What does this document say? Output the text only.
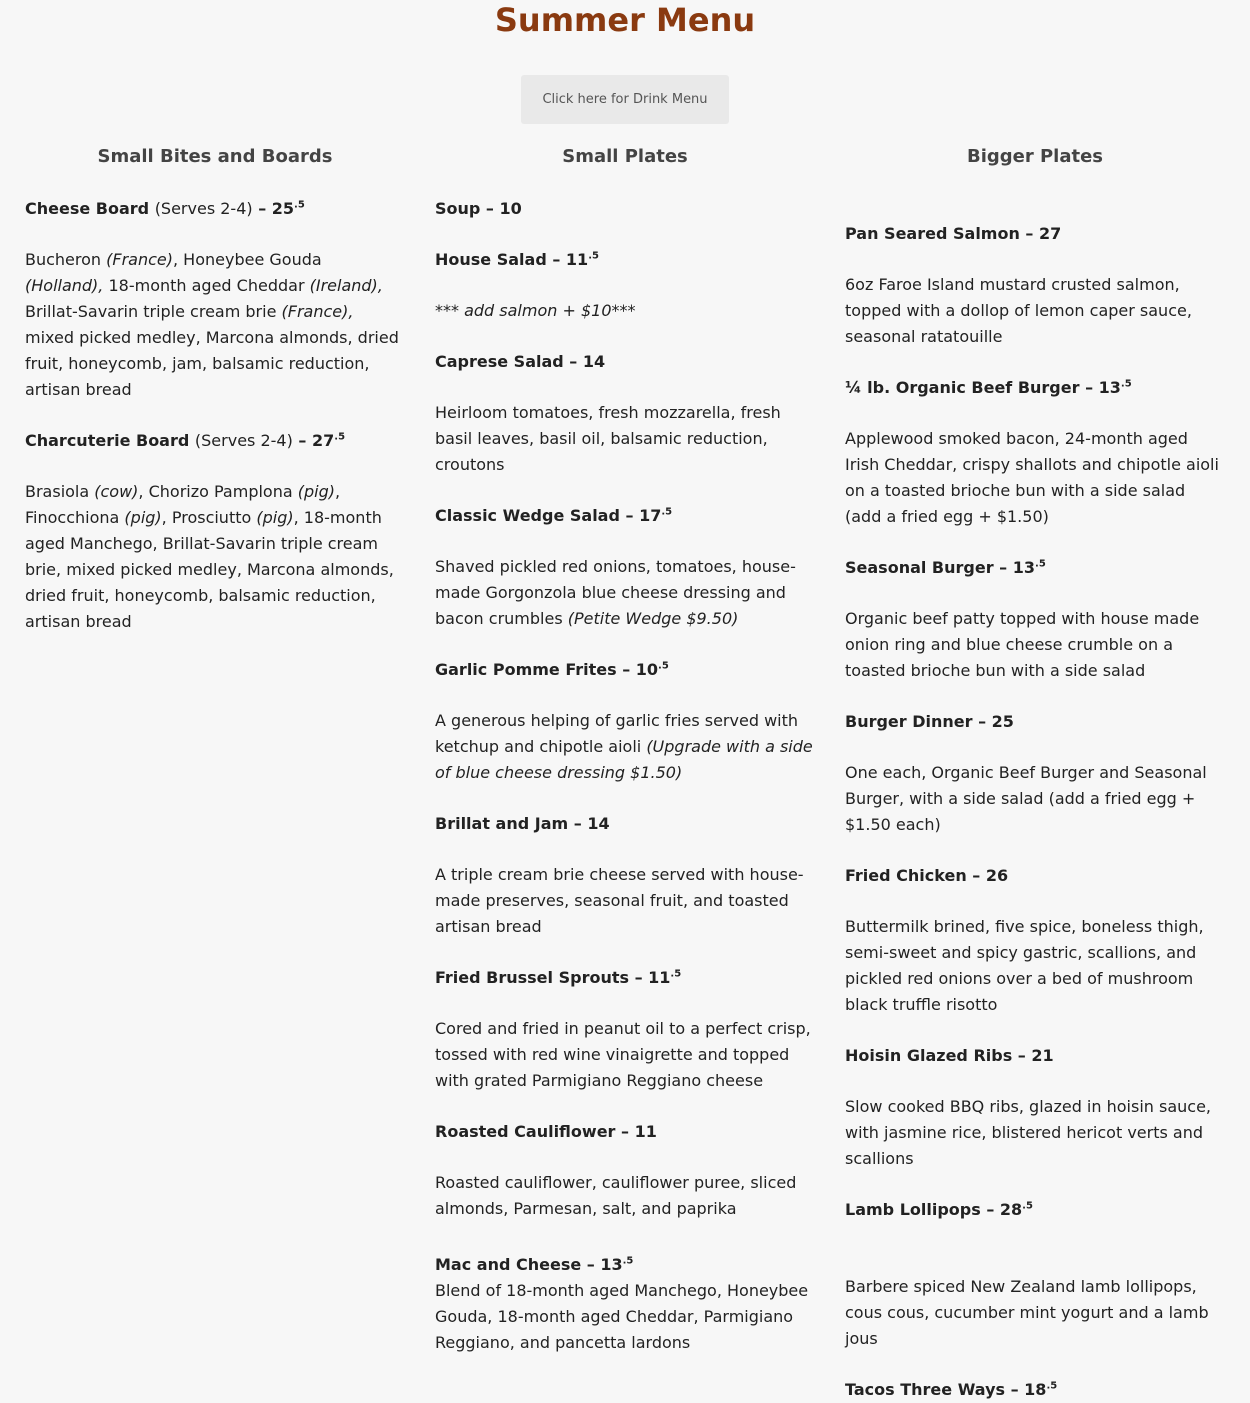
Summer Menu
Click here for Drink Menu
Small Bites and Boards

Cheese Board (Serves $2-4) - 25^{.5}$

Bucheron (France), Honeybee Gouda (Holland), 18-month aged Cheddar (Ireland), Brillat-Savarin triple cream brie (France), mixed picked medley, Marcona almonds, dried fruit, honeycomb, jam, balsamic reduction, artisan bread

Charcuterie Board (Serves $2-4) - 27^{.5}$

Brasiola (cow), Chorizo Pamplona (pig), Finocchiona (pig), Prosciutto (pig), 18-month aged Manchego, Brillat-Savarin triple cream brie, mixed picked medley, Marcona almonds, dried fruit, honeycomb, balsamic reduction, artisan bread

Small Plates

Soup – 10

House Salad – $11^{.5}$

*** add salmon + $10***

Caprese Salad – 14

Heirloom tomatoes, fresh mozzarella, fresh basil leaves, basil oil, balsamic reduction, croutons

Classic Wedge Salad – $17^{.5}$

Shaved pickled red onions, tomatoes, house-made Gorgonzola blue cheese dressing and bacon crumbles (Petite Wedge $9.50)

Garlic Pomme Frites – $10^{.5}$

A generous helping of garlic fries served with ketchup and chipotle aioli (Upgrade with a side of blue cheese dressing $1.50)

Brillat and Jam – 14

A triple cream brie cheese served with house-made preserves, seasonal fruit, and toasted artisan bread

Fried Brussel Sprouts – $11^{.5}$

Cored and fried in peanut oil to a perfect crisp, tossed with red wine vinaigrette and topped with grated Parmigiano Reggiano cheese

Roasted Cauliflower – 11

Roasted cauliflower, cauliflower puree, sliced almonds, Parmesan, salt, and paprika

Mac and Cheese – $13^{.5}$

Blend of 18-month aged Manchego, Honeybee Gouda, 18-month aged Cheddar, Parmigiano Reggiano, and pancetta lardons

Bigger Plates

Pan Seared Salmon – 27

6oz Faroe Island mustard crusted salmon, topped with a dollop of lemon caper sauce, seasonal ratatouille

¼ lb. Organic Beef Burger – $13^{.5}$

Applewood smoked bacon, 24-month aged Irish Cheddar, crispy shallots and chipotle aioli on a toasted brioche bun with a side salad (add a fried egg + $1.50)

Seasonal Burger – $13^{.5}$

Organic beef patty topped with house made onion ring and blue cheese crumble on a toasted brioche bun with a side salad

Burger Dinner – 25

One each, Organic Beef Burger and Seasonal Burger, with a side salad (add a fried egg + $1.50 each)

Fried Chicken – 26

Buttermilk brined, five spice, boneless thigh, semi-sweet and spicy gastric, scallions, and pickled red onions over a bed of mushroom black truffle risotto

Hoisin Glazed Ribs – 21

Slow cooked BBQ ribs, glazed in hoisin sauce, with jasmine rice, blistered hericot verts and scallions

Lamb Lollipops – $28^{.5}$

Barbere spiced New Zealand lamb lollipops, cous cous, cucumber mint yogurt and a lamb jous

Tacos Three Ways – $18^{.5}$
